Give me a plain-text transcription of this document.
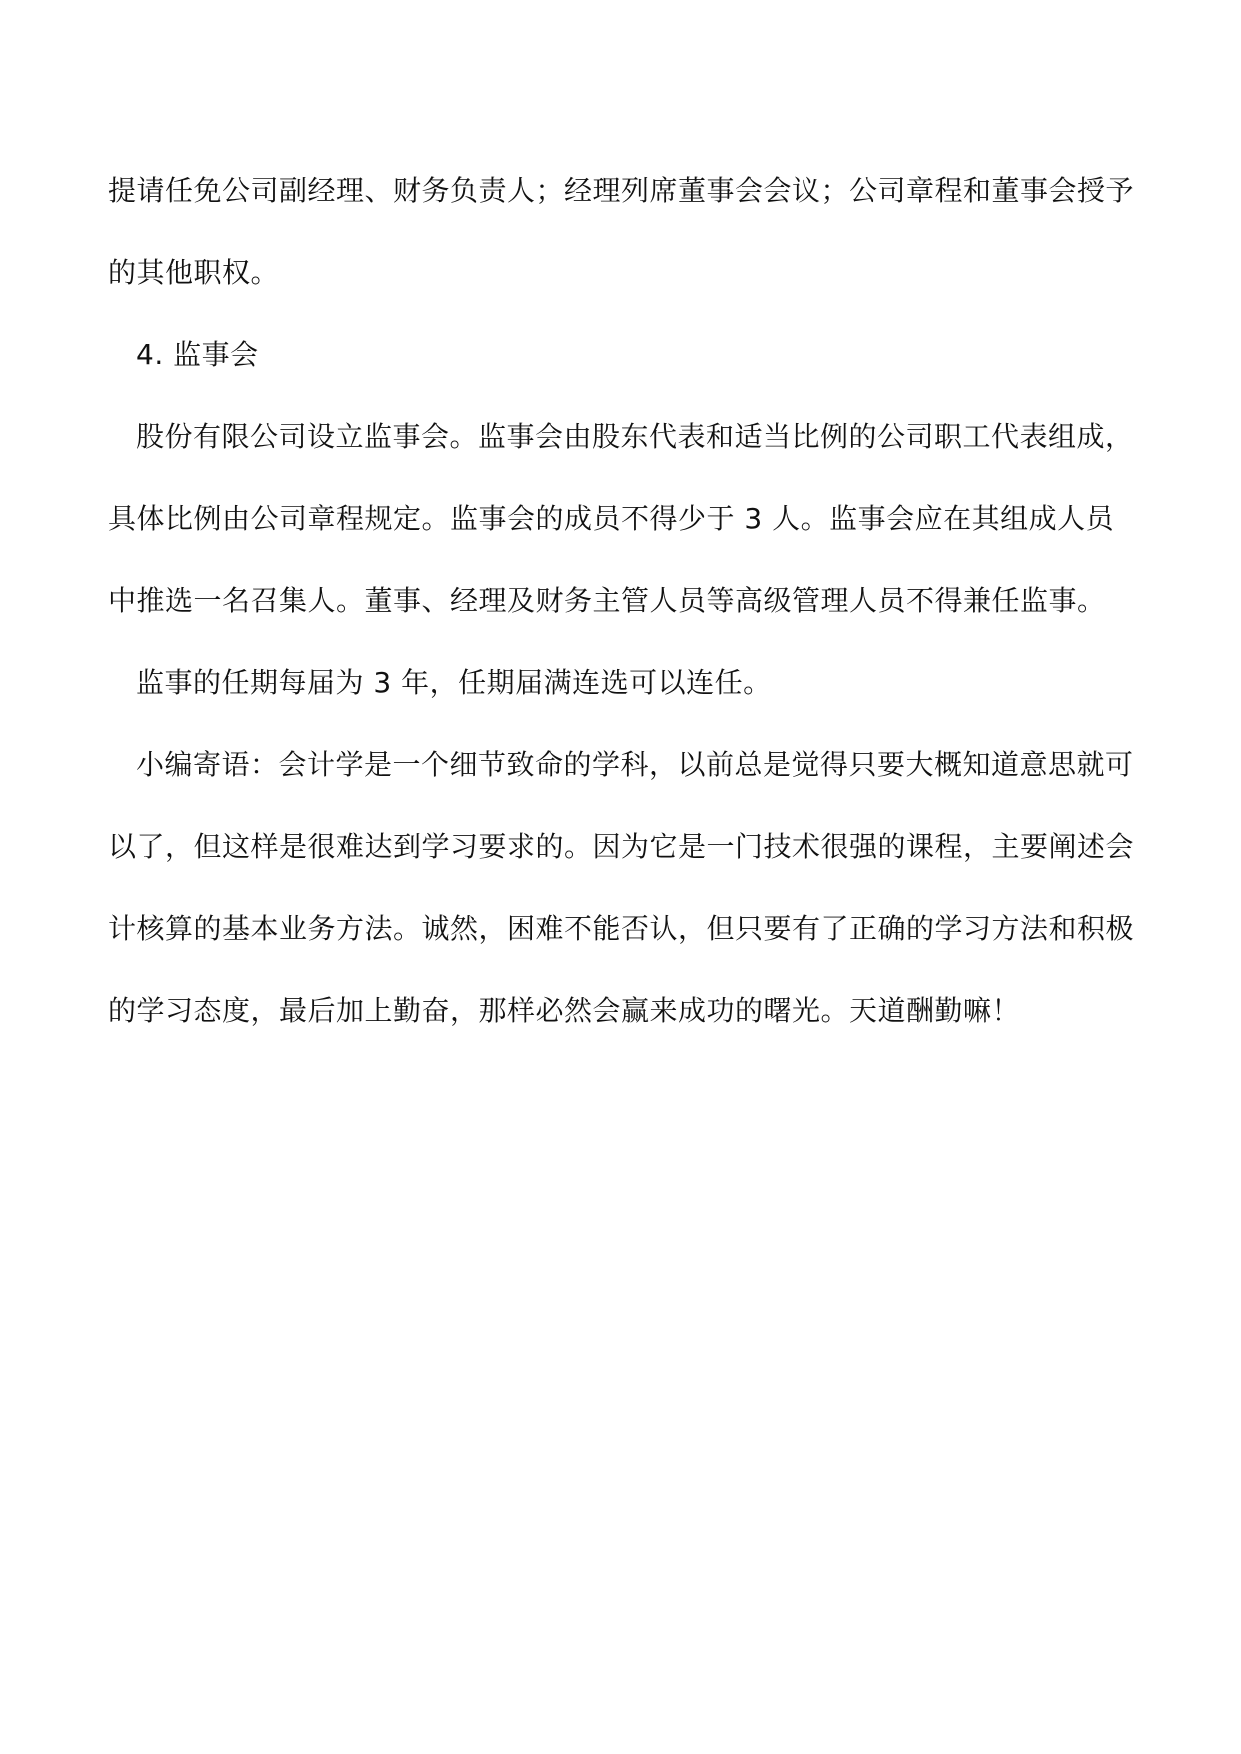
提请任免公司副经理、财务负责人；经理列席董事会会议；公司章程和董事会授予的其他职权。

4. 监事会

股份有限公司设立监事会。监事会由股东代表和适当比例的公司职工代表组成，具体比例由公司章程规定。监事会的成员不得少于 3 人。监事会应在其组成人员中推选一名召集人。董事、经理及财务主管人员等高级管理人员不得兼任监事。

监事的任期每届为 3 年，任期届满连选可以连任。

小编寄语：会计学是一个细节致命的学科，以前总是觉得只要大概知道意思就可以了，但这样是很难达到学习要求的。因为它是一门技术很强的课程，主要阐述会计核算的基本业务方法。诚然，困难不能否认，但只要有了正确的学习方法和积极的学习态度，最后加上勤奋，那样必然会赢来成功的曙光。天道酬勤嘛！
